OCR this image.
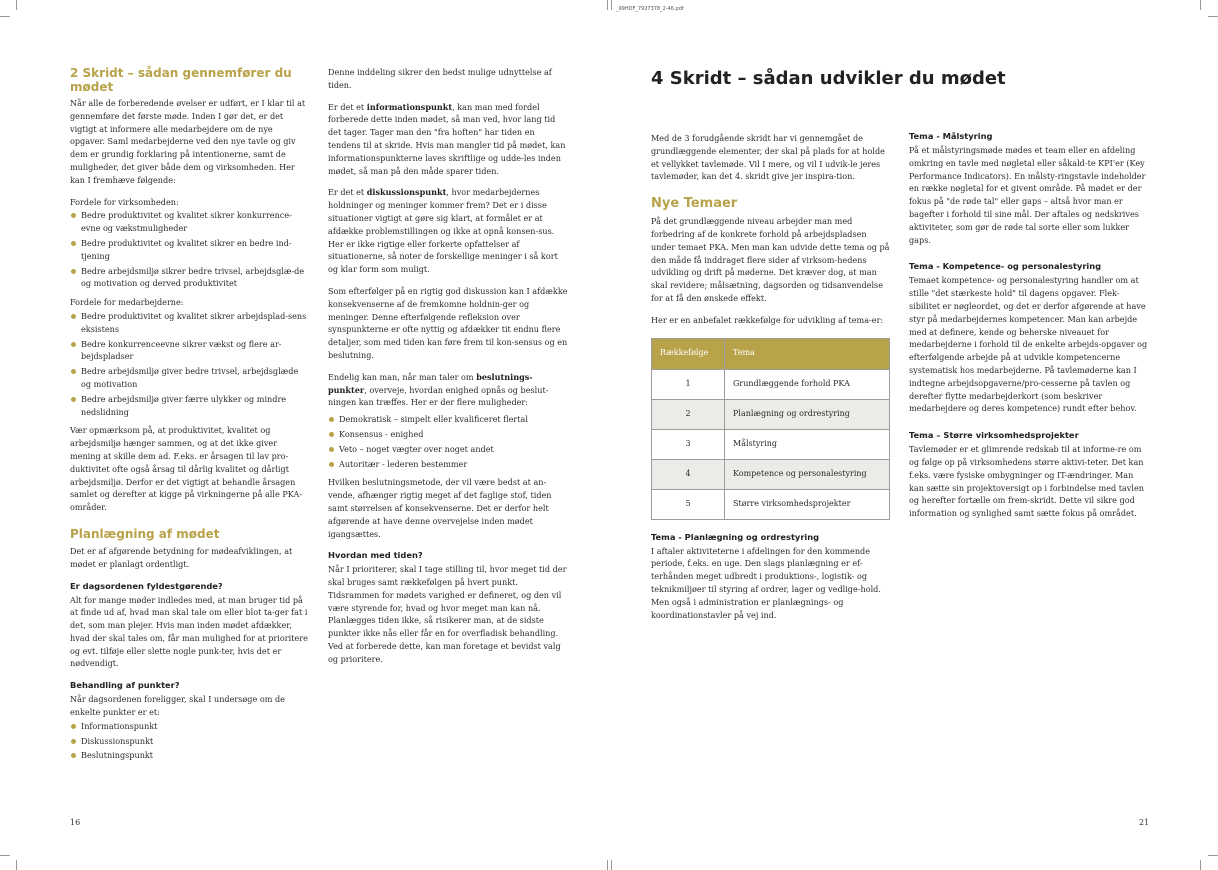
_99HDF_7927378_2-46.pdf
2 Skridt – sådan gennemfører du mødet

Når alle de forberedende øvelser er udført, er I klar til at gennemføre det første møde. Inden I gør det, er det vigtigt at informere alle medarbejdere om de nye opgaver. Saml medarbejderne ved den nye tavle og giv dem er grundig forklaring på intentionerne, samt de muligheder, det giver både dem og virksomheden. Her kan I fremhæve følgende:

Fordele for virksomheden:
Bedre produktivitet og kvalitet sikrer konkurrence-evne og vækstmuligheder
Bedre produktivitet og kvalitet sikrer en bedre ind-tjening
Bedre arbejdsmiljø sikrer bedre trivsel, arbejdsglæ-de og motivation og derved produktivitet
Fordele for medarbejderne:
Bedre produktivitet og kvalitet sikrer arbejdsplad-sens eksistens
Bedre konkurrenceevne sikrer vækst og flere ar-bejdspladser
Bedre arbejdsmiljø giver bedre trivsel, arbejdsglæde og motivation
Bedre arbejdsmiljø giver færre ulykker og mindre nedslidning

Vær opmærksom på, at produktivitet, kvalitet og arbejdsmiljø hænger sammen, og at det ikke giver mening at skille dem ad. F.eks. er årsagen til lav pro-duktivitet ofte også årsag til dårlig kvalitet og dårligt arbejdsmiljø. Derfor er det vigtigt at behandle årsagen samlet og derefter at kigge på virkningerne på alle PKA-områder.

Planlægning af mødet

Det er af afgørende betydning for mødeafviklingen, at mødet er planlagt ordentligt.

Er dagsordenen fyldestgørende?

Alt for mange møder indledes med, at man bruger tid på at finde ud af, hvad man skal tale om eller blot ta-ger fat i det, som man plejer. Hvis man inden mødet afdækker, hvad der skal tales om, får man mulighed for at prioritere og evt. tilføje eller slette nogle punk-ter, hvis det er nødvendigt.

Behandling af punkter?
Når dagsordenen foreligger, skal I undersøge om de enkelte punkter er et:
Informationspunkt
Diskussionspunkt
Beslutningspunkt

Denne inddeling sikrer den bedst mulige udnyttelse af tiden.

Er det et informationspunkt, kan man med fordel forberede dette inden mødet, så man ved, hvor lang tid det tager. Tager man den "fra hoften" har tiden en tendens til at skride. Hvis man mangler tid på mødet, kan informationspunkterne laves skriftlige og udde-les inden mødet, så man på den måde sparer tiden.

Er det et diskussionspunkt, hvor medarbejdernes holdninger og meninger kommer frem? Det er i disse situationer vigtigt at gøre sig klart, at formålet er at afdække problemstillingen og ikke at opnå konsen-sus. Her er ikke rigtige eller forkerte opfattelser af situationerne, så noter de forskellige meninger i så kort og klar form som muligt.

Som efterfølger på en rigtig god diskussion kan I afdække konsekvenserne af de fremkomne holdnin-ger og meninger. Denne efterfølgende refleksion over synspunkterne er ofte nyttig og afdækker tit endnu flere detaljer, som med tiden kan føre frem til kon-sensus og en beslutning.

Endelig kan man, når man taler om beslutnings-punkter, overveje, hvordan enighed opnås og beslut-ningen kan træffes. Her er der flere muligheder:

Demokratisk – simpelt eller kvalificeret flertal
Konsensus - enighed
Veto – noget vægter over noget andet
Autoritær - lederen bestemmer

Hvilken beslutningsmetode, der vil være bedst at an-vende, afhænger rigtig meget af det faglige stof, tiden samt størrelsen af konsekvenserne. Det er derfor helt afgørende at have denne overvejelse inden mødet igangsættes.

Hvordan med tiden?

Når I prioriterer, skal I tage stilling til, hvor meget tid der skal bruges samt rækkefølgen på hvert punkt. Tidsrammen for mødets varighed er defineret, og den vil være styrende for, hvad og hvor meget man kan nå. Planlægges tiden ikke, så risikerer man, at de sidste punkter ikke nås eller får en for overfladisk behandling. Ved at forberede dette, kan man foretage et bevidst valg og prioritere.

16
4 Skridt – sådan udvikler du mødet

Med de 3 forudgående skridt har vi gennemgået de grundlæggende elementer, der skal på plads for at holde et vellykket tavlemøde. Vil I mere, og vil I udvik-le jeres tavlemøder, kan det 4. skridt give jer inspira-tion.

Nye Temaer

På det grundlæggende niveau arbejder man med forbedring af de konkrete forhold på arbejdspladsen under temaet PKA. Men man kan udvide dette tema og på den måde få inddraget flere sider af virksom-hedens udvikling og drift på møderne. Det kræver dog, at man skal revidere; målsætning, dagsorden og tidsanvendelse for at få den ønskede effekt.

Her er en anbefalet rækkefølge for udvikling af tema-er:

Rækkefølge	Tema
1	Grundlæggende forhold PKA
2	Planlægning og ordrestyring
3	Målstyring
4	Kompetence og personalestyring
5	Større virksomhedsprojekter
Tema - Planlægning og ordrestyring

I aftaler aktiviteterne i afdelingen for den kommende periode, f.eks. en uge. Den slags planlægning er ef-terhånden meget udbredt i produktions-, logistik- og teknikmiljøer til styring af ordrer, lager og vedlige-hold. Men også i administration er planlægnings- og koordinationstavler på vej ind.

Tema - Målstyring

På et målstyringsmøde mødes et team eller en afdeling omkring en tavle med nøgletal eller såkald-te KPI'er (Key Performance Indicators). En målsty-ringstavle indeholder en række nøgletal for et givent område. På mødet er der fokus på "de røde tal" eller gaps – altså hvor man er bagefter i forhold til sine mål. Der aftales og nedskrives aktiviteter, som gør de røde tal sorte eller som lukker gaps.

Tema - Kompetence- og personalestyring

Temaet kompetence- og personalestyring handler om at stille "det stærkeste hold" til dagens opgaver. Flek-sibilitet er nøgleordet, og det er derfor afgørende at have styr på medarbejdernes kompetencer. Man kan arbejde med at definere, kende og beherske niveauet for medarbejderne i forhold til de enkelte arbejds-opgaver og efterfølgende arbejde på at udvikle kompetencerne systematisk hos medarbejderne. På tavlemøderne kan I indtegne arbejdsopgaverne/pro-cesserne på tavlen og derefter flytte medarbejderkort (som beskriver medarbejdere og deres kompetence) rundt efter behov.

Tema – Større virksomhedsprojekter

Tavlemøder er et glimrende redskab til at informe-re om og følge op på virksomhedens større aktivi-teter. Det kan f.eks. være fysiske ombygninger og IT-ændringer. Man kan sætte sin projektoversigt op i forbindelse med tavlen og herefter fortælle om frem-skridt. Dette vil sikre god information og synlighed samt sætte fokus på området.

21
